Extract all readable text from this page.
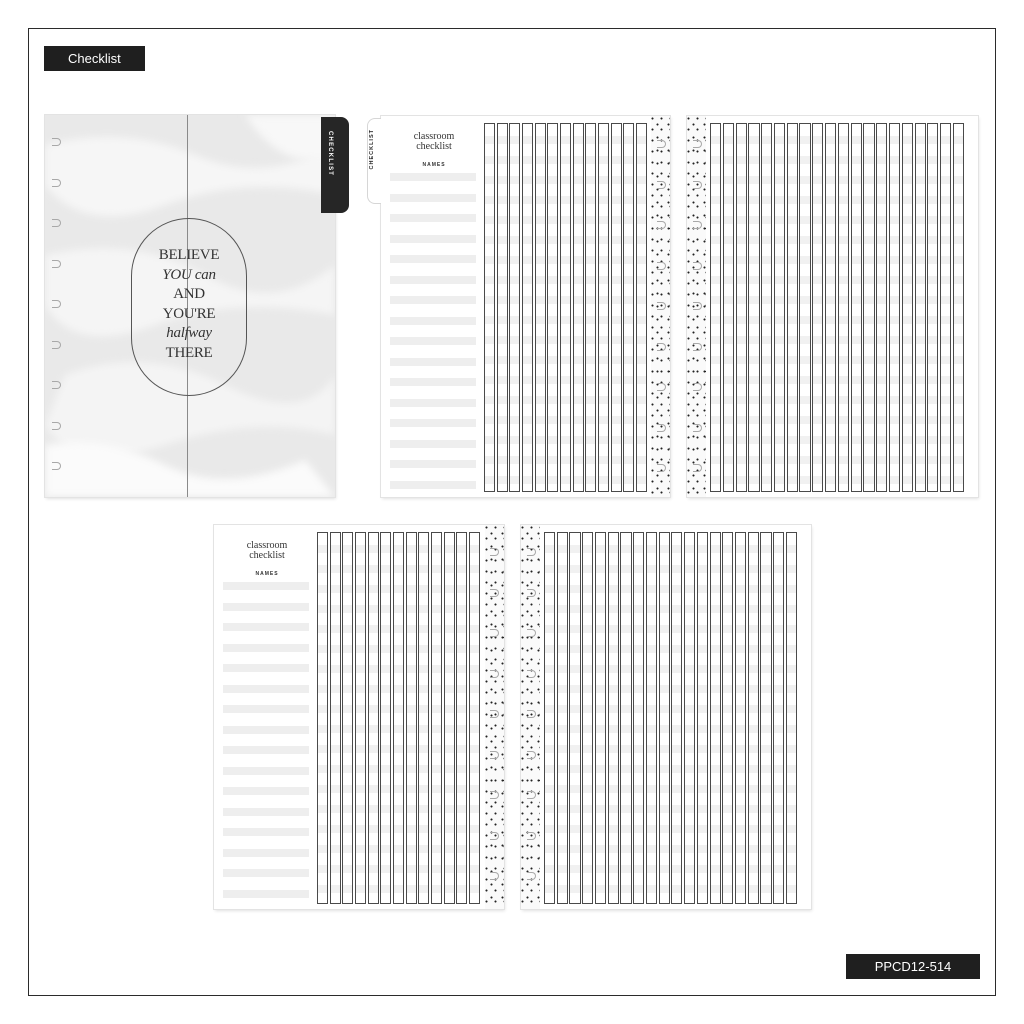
Checklist
PPCD12-514
BELIEVE
YOU can
AND
YOU'RE
halfway
THERE
CHECKLIST	classroom
checklist
NAMES
CHECKLIST
classroom
checklist
NAMES
